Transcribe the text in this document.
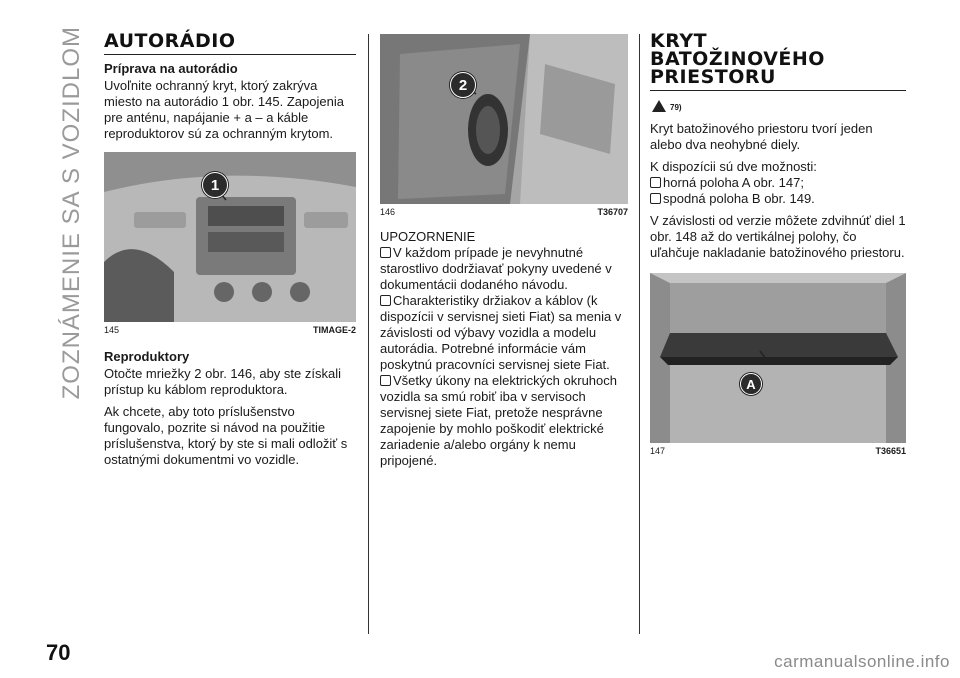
ZOZNÁMENIE SA S VOZIDLOM	AUTORÁDIO
Príprava na autorádio

Uvoľnite ochranný kryt, ktorý zakrýva miesto na autorádio 1 obr. 145. Zapojenia pre anténu, napájanie + a – a káble reproduktorov sú za ochranným krytom.

1
145	TIMAGE-2
Reproduktory

Otočte mriežky 2 obr. 146, aby ste získali prístup ku káblom reproduktora.

Ak chcete, aby toto príslušenstvo fungovalo, pozrite si návod na použitie príslušenstva, ktorý by ste si mali odložiť s ostatnými dokumentmi vo vozidle.

2
146	T36707

UPOZORNENIE

V každom prípade je nevyhnutné starostlivo dodržiavať pokyny uvedené v dokumentácii dodaného návodu.

Charakteristiky držiakov a káblov (k dispozícii v servisnej sieti Fiat) sa menia v závislosti od výbavy vozidla a modelu autorádia. Potrebné informácie vám poskytnú pracovníci servisnej siete Fiat.

Všetky úkony na elektrických okruhoch vozidla sa smú robiť iba v servisoch servisnej siete Fiat, pretože nesprávne zapojenie by mohlo poškodiť elektrické zariadenie a/alebo orgány k nemu pripojené.

KRYT
BATOŽINOVÉHO
PRIESTORU
79)

Kryt batožinového priestoru tvorí jeden alebo dva neohybné diely.

K dispozícii sú dve možnosti:

horná poloha A obr. 147;

spodná poloha B obr. 149.

V závislosti od verzie môžete zdvihnúť diel 1 obr. 148 až do vertikálnej polohy, čo uľahčuje nakladanie batožinového priestoru.

A
147	T36651
70	carmanualsonline.info
